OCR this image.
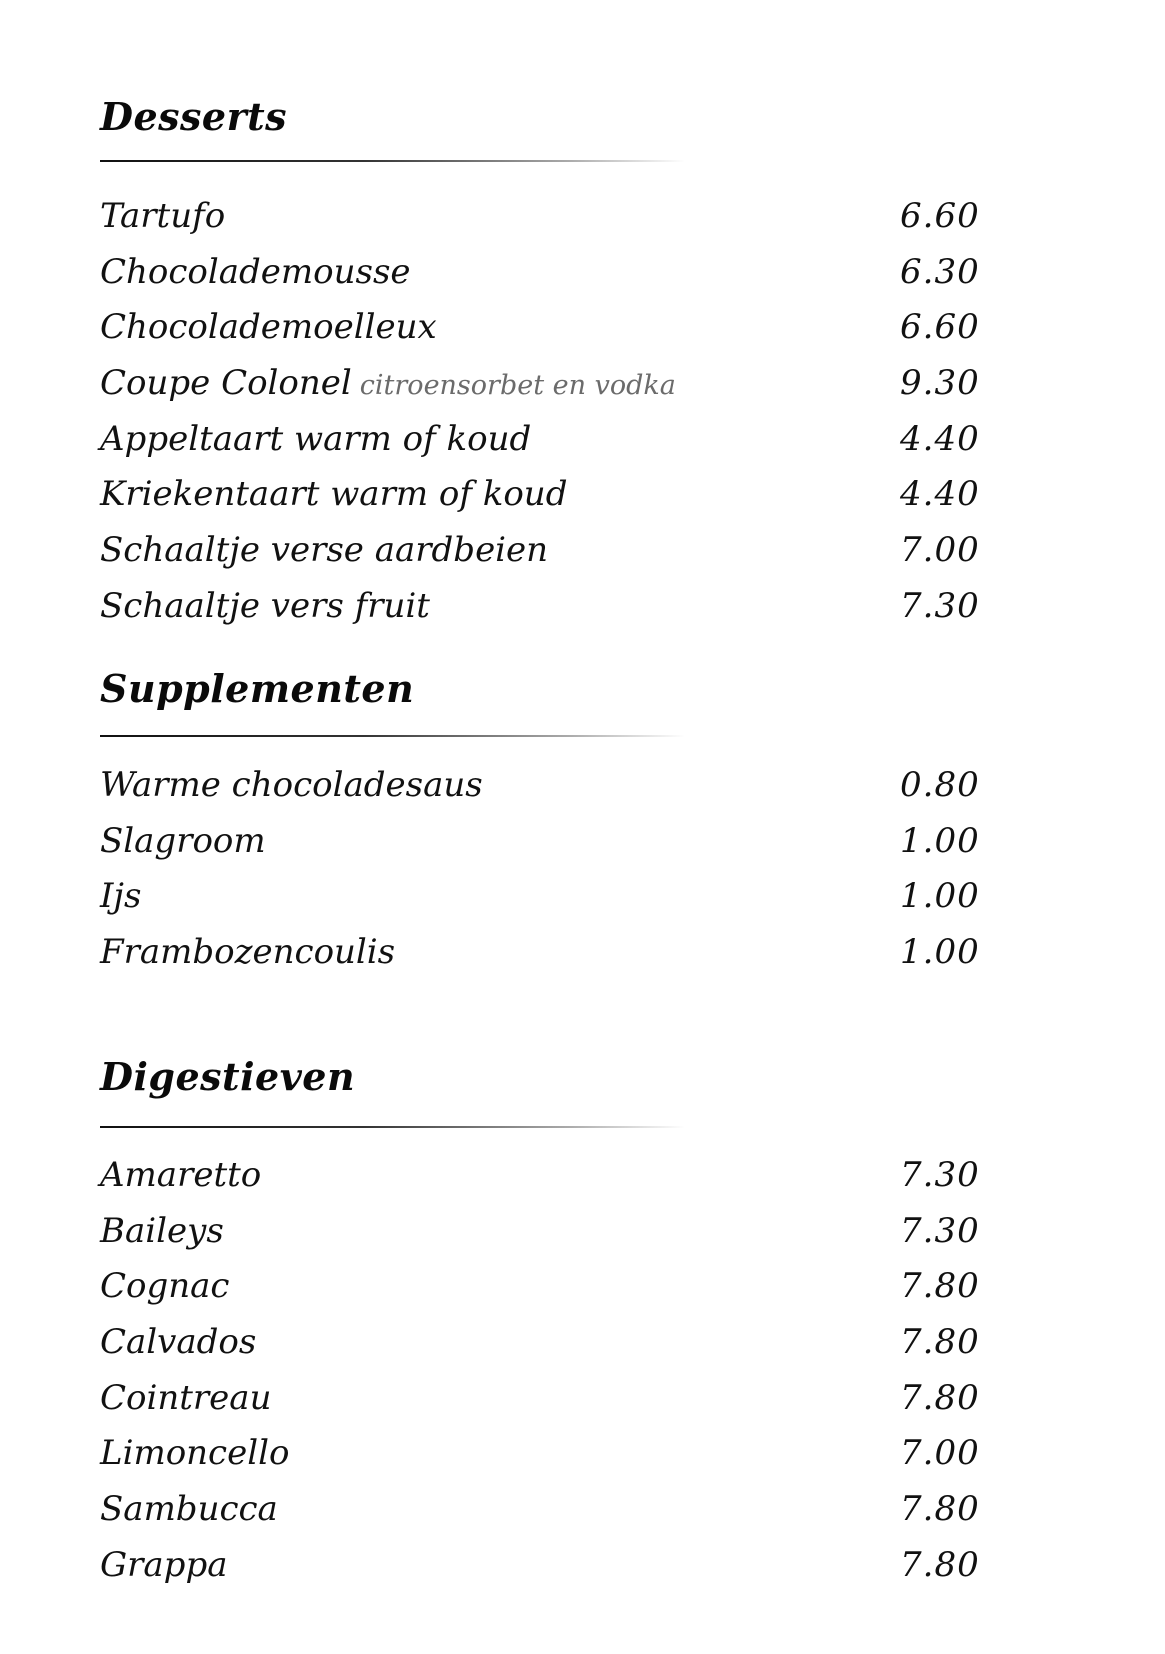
Desserts
Tartufo	6.60
Chocolademousse	6.30
Chocolademoelleux	6.60
Coupe Colonel citroensorbet en vodka	9.30
Appeltaart warm of koud	4.40
Kriekentaart warm of koud	4.40
Schaaltje verse aardbeien	7.00
Schaaltje vers fruit	7.30
Supplementen
Warme chocoladesaus	0.80
Slagroom	1.00
Ijs	1.00
Frambozencoulis	1.00
Digestieven
Amaretto	7.30
Baileys	7.30
Cognac	7.80
Calvados	7.80
Cointreau	7.80
Limoncello	7.00
Sambucca	7.80
Grappa	7.80
